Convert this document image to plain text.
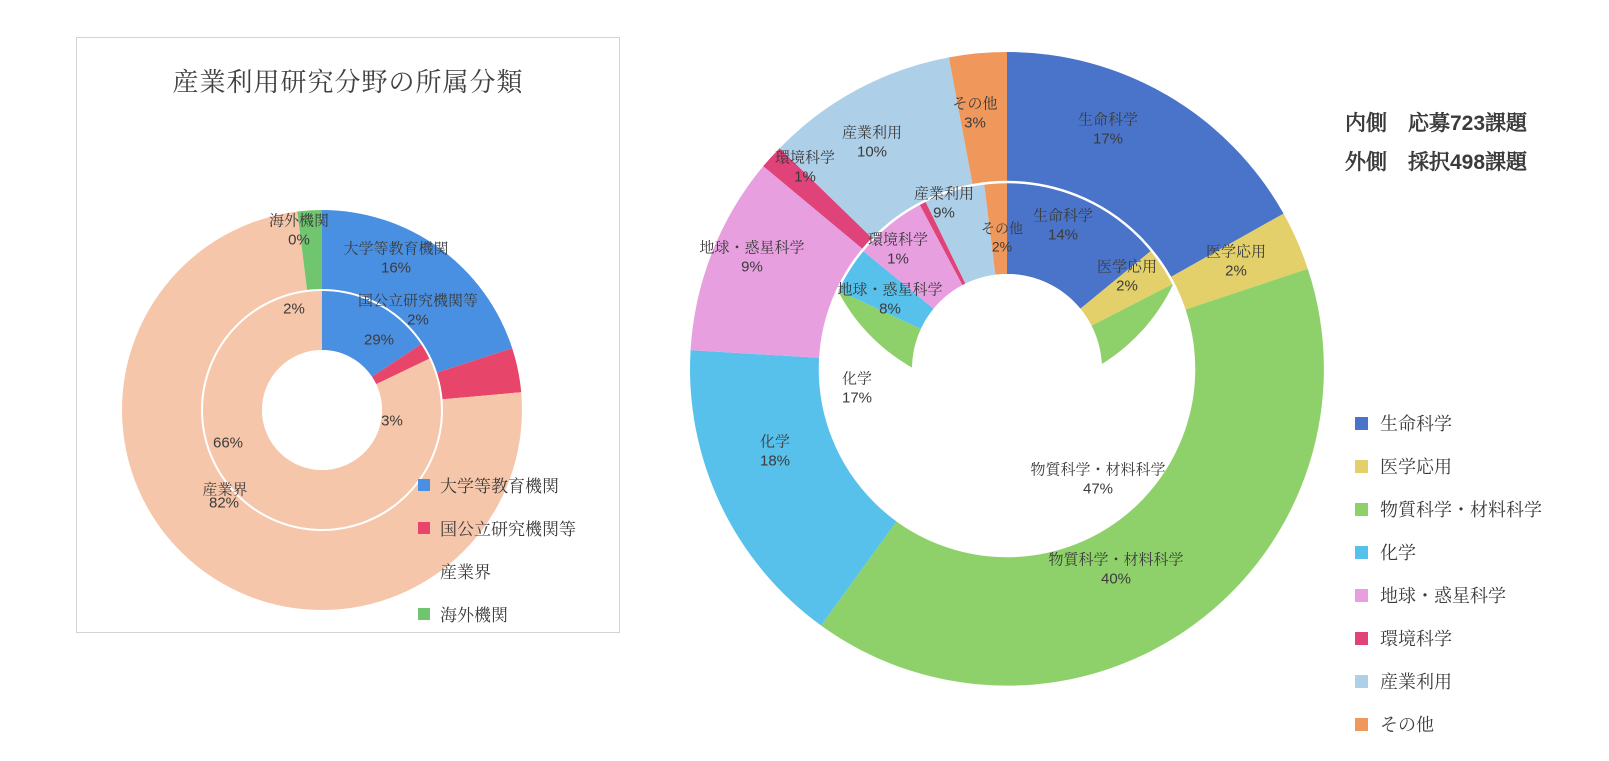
産業利用研究分野の所属分類
海外機関
0%
大学等教育機関
16%
国公立研究機関等
2%
82%
2%
29%
3%
66%
産業界	大学等教育機関
国公立研究機関等
産業界
海外機関
生命科学
17%
医学応用
2%
物質科学・材料科学
40%
化学
18%
地球・惑星科学
9%
環境科学
1%
産業利用
10%
その他
3%
生命科学
14%
医学応用
2%
物質科学・材料科学
47%
化学
17%
地球・惑星科学
8%
環境科学
1%
産業利用
9%
その他
2%
内側　応募723課題
外側　採択498課題
生命科学
医学応用
物質科学・材料科学
化学
地球・惑星科学
環境科学
産業利用
その他
